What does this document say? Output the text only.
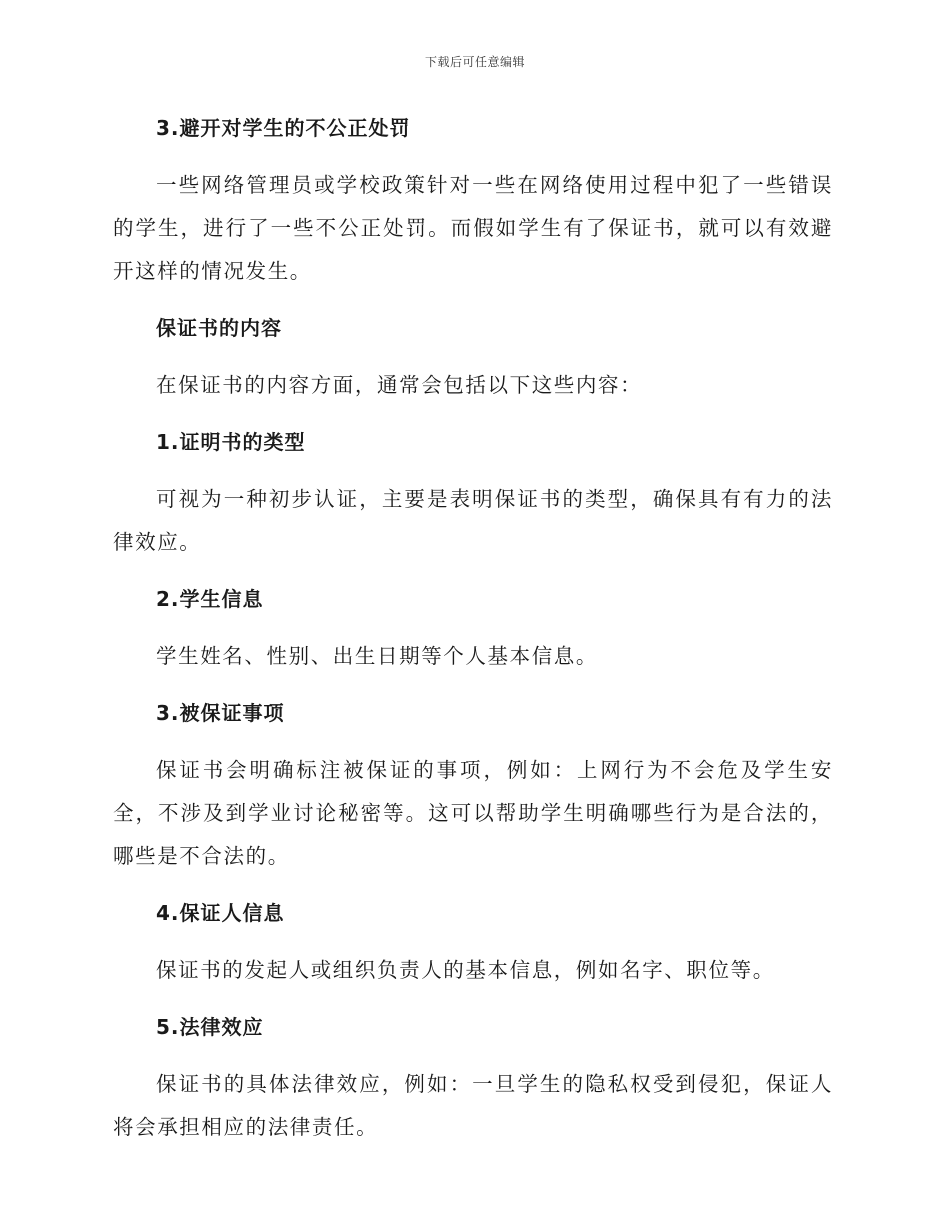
下载后可任意编辑
3.避开对学生的不公正处罚

一些网络管理员或学校政策针对一些在网络使用过程中犯了一些错误的学生，进行了一些不公正处罚。而假如学生有了保证书，就可以有效避开这样的情况发生。

保证书的内容

在保证书的内容方面，通常会包括以下这些内容：

1.证明书的类型

可视为一种初步认证，主要是表明保证书的类型，确保具有有力的法律效应。

2.学生信息

学生姓名、性别、出生日期等个人基本信息。

3.被保证事项

保证书会明确标注被保证的事项，例如：上网行为不会危及学生安全，不涉及到学业讨论秘密等。这可以帮助学生明确哪些行为是合法的，哪些是不合法的。

4.保证人信息

保证书的发起人或组织负责人的基本信息，例如名字、职位等。

5.法律效应

保证书的具体法律效应，例如：一旦学生的隐私权受到侵犯，保证人将会承担相应的法律责任。
